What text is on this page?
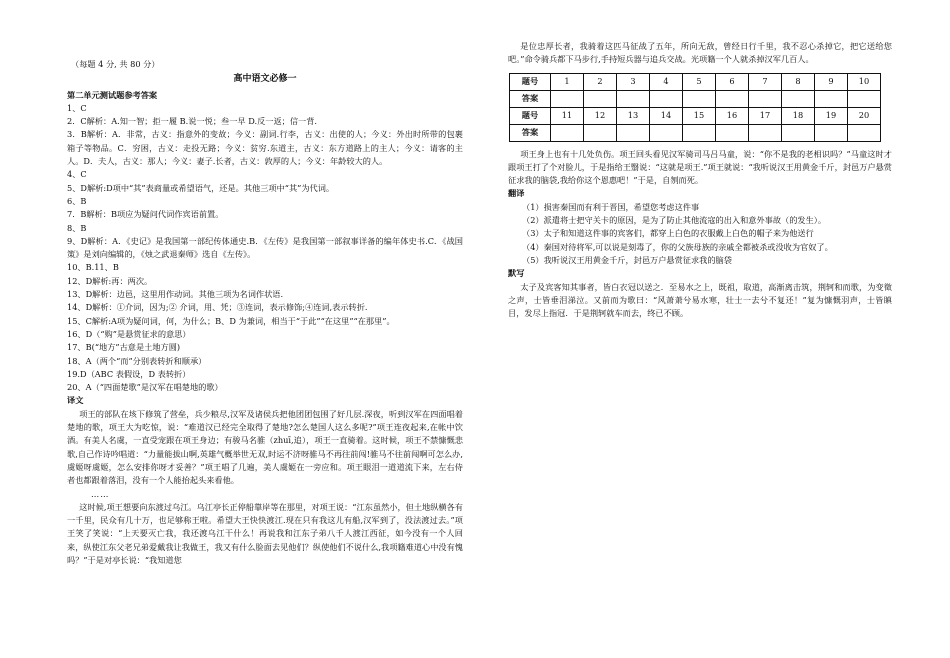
（每题 4 分, 共 80 分）

高中语文必修一

第二单元测试题参考答案

1、C

2．C解析：A.知一智；拒一履 B.说一悦；叁一早 D.反一返；信一背.

3．B解析：A．非常，古义：指意外的变故；今义：副词.行李，古义：出使的人；今义：外出时所带的包裹箱子等物品。C．穷困，古义：走投无路；今义：贫穷.东道主，古义：东方道路上的主人；今义：请客的主人。D．夫人，古义：那人；今义：妻子.长者，古义：敦厚的人；今义：年龄较大的人。

4、C

5、D解析:D项中“其”表商量或希望语气，还是。其他三项中“其”为代词。

6、B

7．B解析：B项应为疑问代词作宾语前置。

8、B

9、D解析：A．《史记》是我国第一部纪传体通史.B．《左传》是我国第一部叙事详备的编年体史书.C．《战国策》是刘向编辑的，《烛之武退秦师》选自《左传》。

10、B.11、B

12、D解析:再：两次。

13、D解析：边邑，这里用作动词。其他三项为名词作状语.

14、D解析：①介词，因为;② 介词，用、凭；③连词，表示修饰;④连词,表示转折.

15、C解析:A项为疑问词，何，为什么；B、D 为兼词，相当于“于此”“在这里”“在那里”。

16、D（“购”是悬赏征求的意思）

17、B(“地方”古意是土地方圆)

18、A（两个“而”分别表转折和顺承）

19.D（ABC 表假设，D 表转折）

20、A（“四面楚歌”是汉军在唱楚地的歌）

译文

项王的部队在垓下修筑了营垒，兵少粮尽,汉军及诸侯兵把他团团包围了好几层.深夜，听到汉军在四面唱着楚地的歌，项王大为吃惊，说：“难道汉已经完全取得了楚地?怎么楚国人这么多呢?”项王连夜起来,在帐中饮酒。有美人名虞，一直受宠跟在项王身边；有骏马名骓（zhuī,追），项王一直骑着。这时候，项王不禁慷慨悲歌,自己作诗吟唱道：“力量能拔山啊,英雄气概举世无双,时运不济呀骓马不再往前闯!骓马不往前闯啊可怎么办,虞姬呀虞姬，怎么安排你呀才妥善？”项王唱了几遍，美人虞姬在一旁应和。项王眼泪一道道流下来，左右侍者也都跟着落泪，没有一个人能抬起头来看他。

……

这时候,项王想要向东渡过乌江。乌江亭长正停船靠岸等在那里，对项王说：“江东虽然小，但土地纵横各有一千里，民众有几十万，也足够称王啦。希望大王快快渡江.现在只有我这儿有船,汉军到了，没法渡过去。”项王笑了笑说：“上天要灭亡我，我还渡乌江干什么！再说我和江东子弟八千人渡江西征，如今没有一个人回来，纵使江东父老兄弟爱戴我让我做王，我又有什么脸面去见他们？纵使他们不说什么,我项籍难道心中没有愧吗？”于是对亭长说：“我知道您

是位忠厚长者，我骑着这匹马征战了五年，所向无敌，曾经日行千里，我不忍心杀掉它，把它送给您吧。”命令骑兵都下马步行,手持短兵器与追兵交战。光项籍一个人就杀掉汉军几百人。

题号	1	2	3	4	5	6	7	8	9	10
答案										
题号	11	12	13	14	15	16	17	18	19	20
答案										

项王身上也有十几处负伤。项王回头看见汉军骑司马吕马童，说：“你不是我的老相识吗？”马童这时才跟项王打了个对脸儿，于是指给王翳说：“这就是项王.”项王就说：“我听说汉王用黄金千斤，封邑万户悬赏征求我的脑袋,我给你这个恩惠吧！”于是，自刎而死。

翻译

（1）损害秦国而有利于晋国，希望您考虑这件事

（2）派遣将士把守关卡的原因，是为了防止其他流寇的出入和意外事故（的发生）。

（3）太子和知道这件事的宾客们，都穿上白色的衣服戴上白色的帽子来为他送行

（4）秦国对待将军,可以说是刻毒了，你的父族母族的亲戚全都被杀或没收为官奴了。

（5）我听说汉王用黄金千斤，封邑万户悬赏征求我的脑袋

默写

太子及宾客知其事者，皆白衣冠以送之．至易水之上，既祖，取道，高渐离击筑，荆轲和而歌，为变徵之声，士皆垂泪涕泣。又前而为歌曰：“风萧萧兮易水寒，壮士一去兮不复还！”复为慷慨羽声，士皆瞋目，发尽上指冠．于是荆轲就车而去，终已不顾。
